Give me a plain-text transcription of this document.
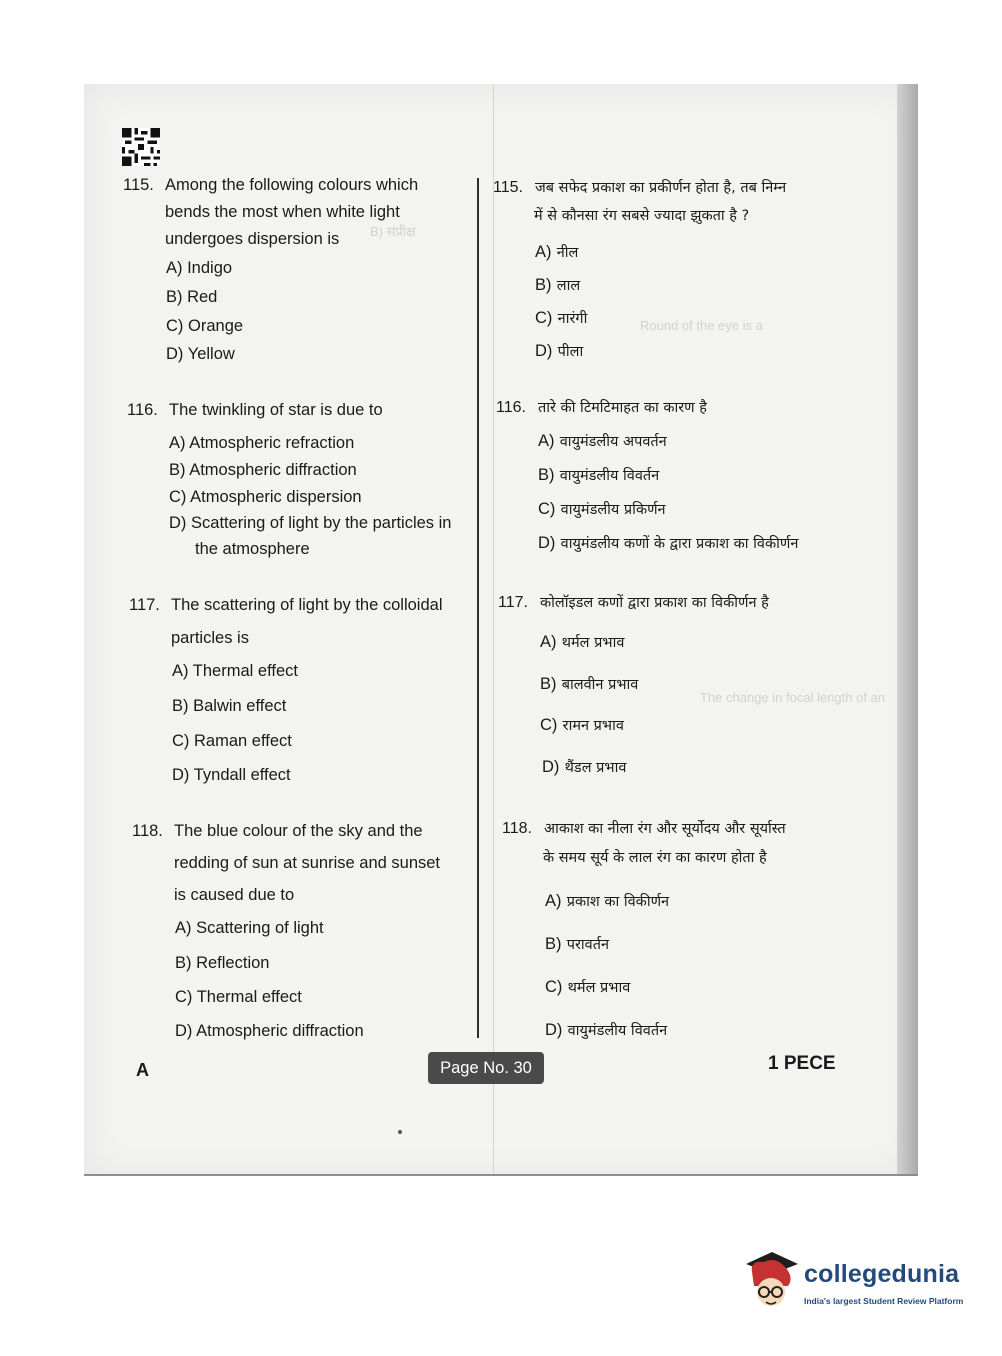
B) संप्रीक्ष
Round of the eye is a
The change in focal length of an
115. Among the following colours which
bends the most when white light
undergoes dispersion is
A) Indigo
B) Red
C) Orange
D) Yellow
116. The twinkling of star is due to
A) Atmospheric refraction
B) Atmospheric diffraction
C) Atmospheric dispersion
D) Scattering of light by the particles in
the atmosphere
117. The scattering of light by the colloidal
particles is
A) Thermal effect
B) Balwin effect
C) Raman effect
D) Tyndall effect
118. The blue colour of the sky and the
redding of sun at sunrise and sunset
is caused due to
A) Scattering of light
B) Reflection
C) Thermal effect
D) Atmospheric diffraction
115. जब सफेद प्रकाश का प्रकीर्णन होता है, तब निम्न
में से कौनसा रंग सबसे ज्यादा झुकता है ?
A) नील
B) लाल
C) नारंगी
D) पीला
116. तारे की टिमटिमाहत का कारण है
A) वायुमंडलीय अपवर्तन
B) वायुमंडलीय विवर्तन
C) वायुमंडलीय प्रकिर्णन
D) वायुमंडलीय कणों के द्वारा प्रकाश का विकीर्णन
117. कोलॉइडल कणों द्वारा प्रकाश का विकीर्णन है
A) थर्मल प्रभाव
B) बालवीन प्रभाव
C) रामन प्रभाव
D) थैंडल प्रभाव
118. आकाश का नीला रंग और सूर्योदय और सूर्यास्त
के समय सूर्य के लाल रंग का कारण होता है
A) प्रकाश का विकीर्णन
B) परावर्तन
C) थर्मल प्रभाव
D) वायुमंडलीय विवर्तन
A	Page No. 30	1 PECE
collegedunia
India's largest Student Review Platform
